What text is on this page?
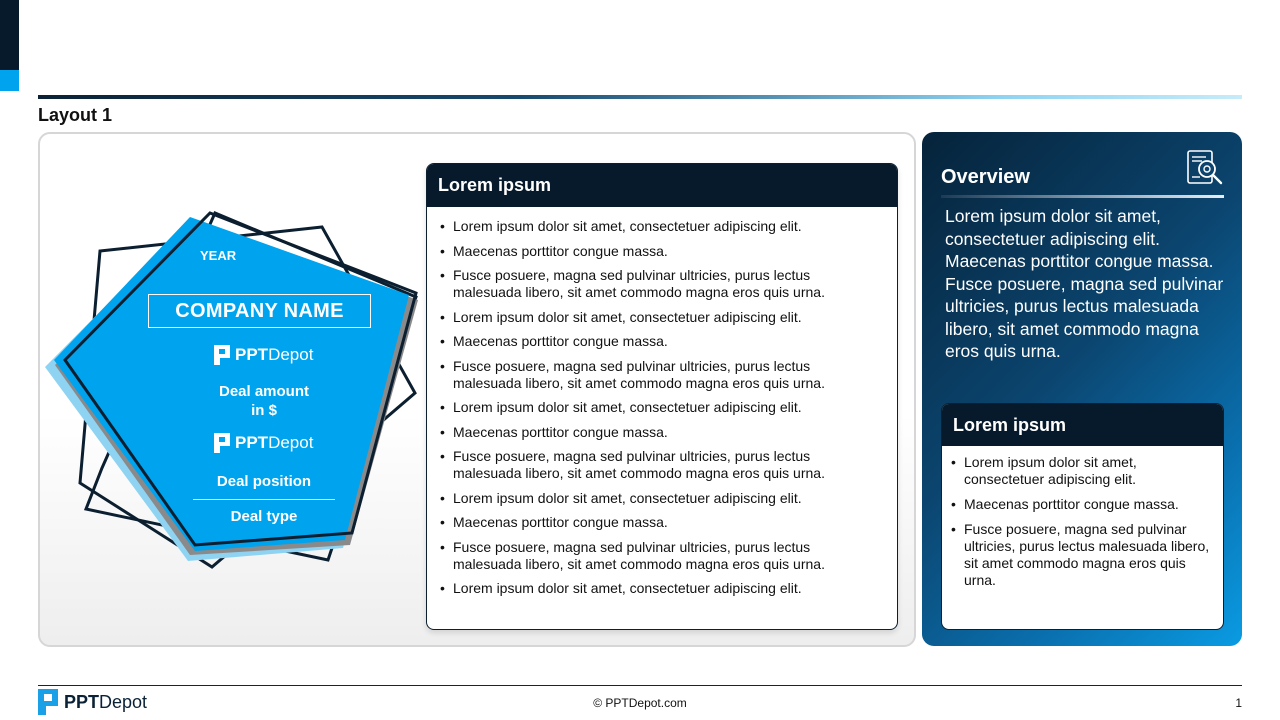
Layout 1
YEAR
COMPANY NAME
PPT Depot
Deal amount
in $
PPT Depot
Deal position
Deal type
Lorem ipsum
• Lorem ipsum dolor sit amet, consectetuer adipiscing elit.
• Maecenas porttitor congue massa.
• Fusce posuere, magna sed pulvinar ultricies, purus lectus malesuada libero, sit amet commodo magna eros quis urna.
• Lorem ipsum dolor sit amet, consectetuer adipiscing elit.
• Maecenas porttitor congue massa.
• Fusce posuere, magna sed pulvinar ultricies, purus lectus malesuada libero, sit amet commodo magna eros quis urna.
• Lorem ipsum dolor sit amet, consectetuer adipiscing elit.
• Maecenas porttitor congue massa.
• Fusce posuere, magna sed pulvinar ultricies, purus lectus malesuada libero, sit amet commodo magna eros quis urna.
• Lorem ipsum dolor sit amet, consectetuer adipiscing elit.
• Maecenas porttitor congue massa.
• Fusce posuere, magna sed pulvinar ultricies, purus lectus malesuada libero, sit amet commodo magna eros quis urna.
• Lorem ipsum dolor sit amet, consectetuer adipiscing elit.
Overview
Lorem ipsum dolor sit amet, consectetuer adipiscing elit. Maecenas porttitor congue massa. Fusce posuere, magna sed pulvinar ultricies, purus lectus malesuada libero, sit amet commodo magna eros quis urna.
Lorem ipsum
• Lorem ipsum dolor sit amet, consectetuer adipiscing elit.
• Maecenas porttitor congue massa.
• Fusce posuere, magna sed pulvinar ultricies, purus lectus malesuada libero, sit amet commodo magna eros quis urna.
PPT Depot	© PPTDepot.com	1
